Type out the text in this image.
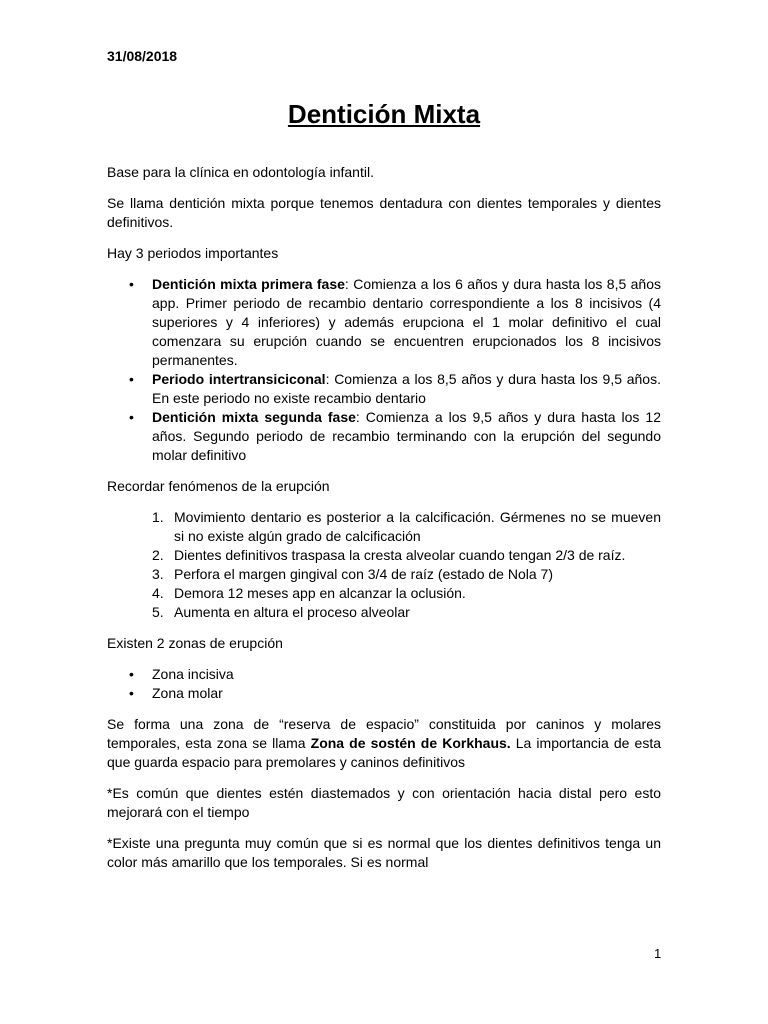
31/08/2018
Dentición Mixta

Base para la clínica en odontología infantil.

Se llama dentición mixta porque tenemos dentadura con dientes temporales y dientes definitivos.

Hay 3 periodos importantes

• Dentición mixta primera fase: Comienza a los 6 años y dura hasta los 8,5 años app. Primer periodo de recambio dentario correspondiente a los 8 incisivos (4 superiores y 4 inferiores) y además erupciona el 1 molar definitivo el cual comenzara su erupción cuando se encuentren erupcionados los 8 incisivos permanentes.
• Periodo intertransiciconal: Comienza a los 8,5 años y dura hasta los 9,5 años. En este periodo no existe recambio dentario
• Dentición mixta segunda fase: Comienza a los 9,5 años y dura hasta los 12 años. Segundo periodo de recambio terminando con la erupción del segundo molar definitivo

Recordar fenómenos de la erupción

1. Movimiento dentario es posterior a la calcificación. Gérmenes no se mueven si no existe algún grado de calcificación
2. Dientes definitivos traspasa la cresta alveolar cuando tengan 2/3 de raíz.
3. Perfora el margen gingival con 3/4 de raíz (estado de Nola 7)
4. Demora 12 meses app en alcanzar la oclusión.
5. Aumenta en altura el proceso alveolar

Existen 2 zonas de erupción

• Zona incisiva
• Zona molar

Se forma una zona de “reserva de espacio” constituida por caninos y molares temporales, esta zona se llama Zona de sostén de Korkhaus. La importancia de esta que guarda espacio para premolares y caninos definitivos

*Es común que dientes estén diastemados y con orientación hacia distal pero esto mejorará con el tiempo

*Existe una pregunta muy común que si es normal que los dientes definitivos tenga un color más amarillo que los temporales. Si es normal

1
